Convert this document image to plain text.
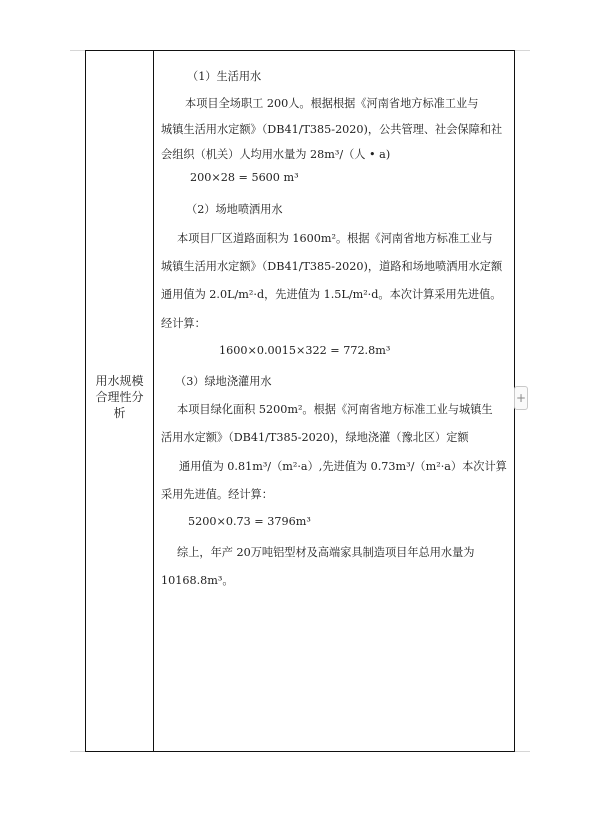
用水规模
合理性分
析
（1）生活用水
本项目全场职工 200人。根据根据《河南省地方标准工业与
城镇生活用水定额》（DB41/T385-2020)，公共管理、社会保障和社
会组织（机关）人均用水量为 28m³/（人 • a)
200×28 = 5600 m³
（2）场地喷洒用水
本项目厂区道路面积为 1600m²。根据《河南省地方标准工业与
城镇生活用水定额》（DB41/T385-2020)，道路和场地喷洒用水定额
通用值为 2.0L/m²·d，先进值为 1.5L/m²·d。本次计算采用先进值。
经计算：
1600×0.0015×322 = 772.8m³
（3）绿地浇灌用水
本项目绿化面积 5200m²。根据《河南省地方标准工业与城镇生
活用水定额》（DB41/T385-2020)，绿地浇灌（豫北区）定额
通用值为 0.81m³/（m²·a）,先进值为 0.73m³/（m²·a）本次计算
采用先进值。经计算：
5200×0.73 = 3796m³
综上，年产 20万吨铝型材及高端家具制造项目年总用水量为
10168.8m³。
+
